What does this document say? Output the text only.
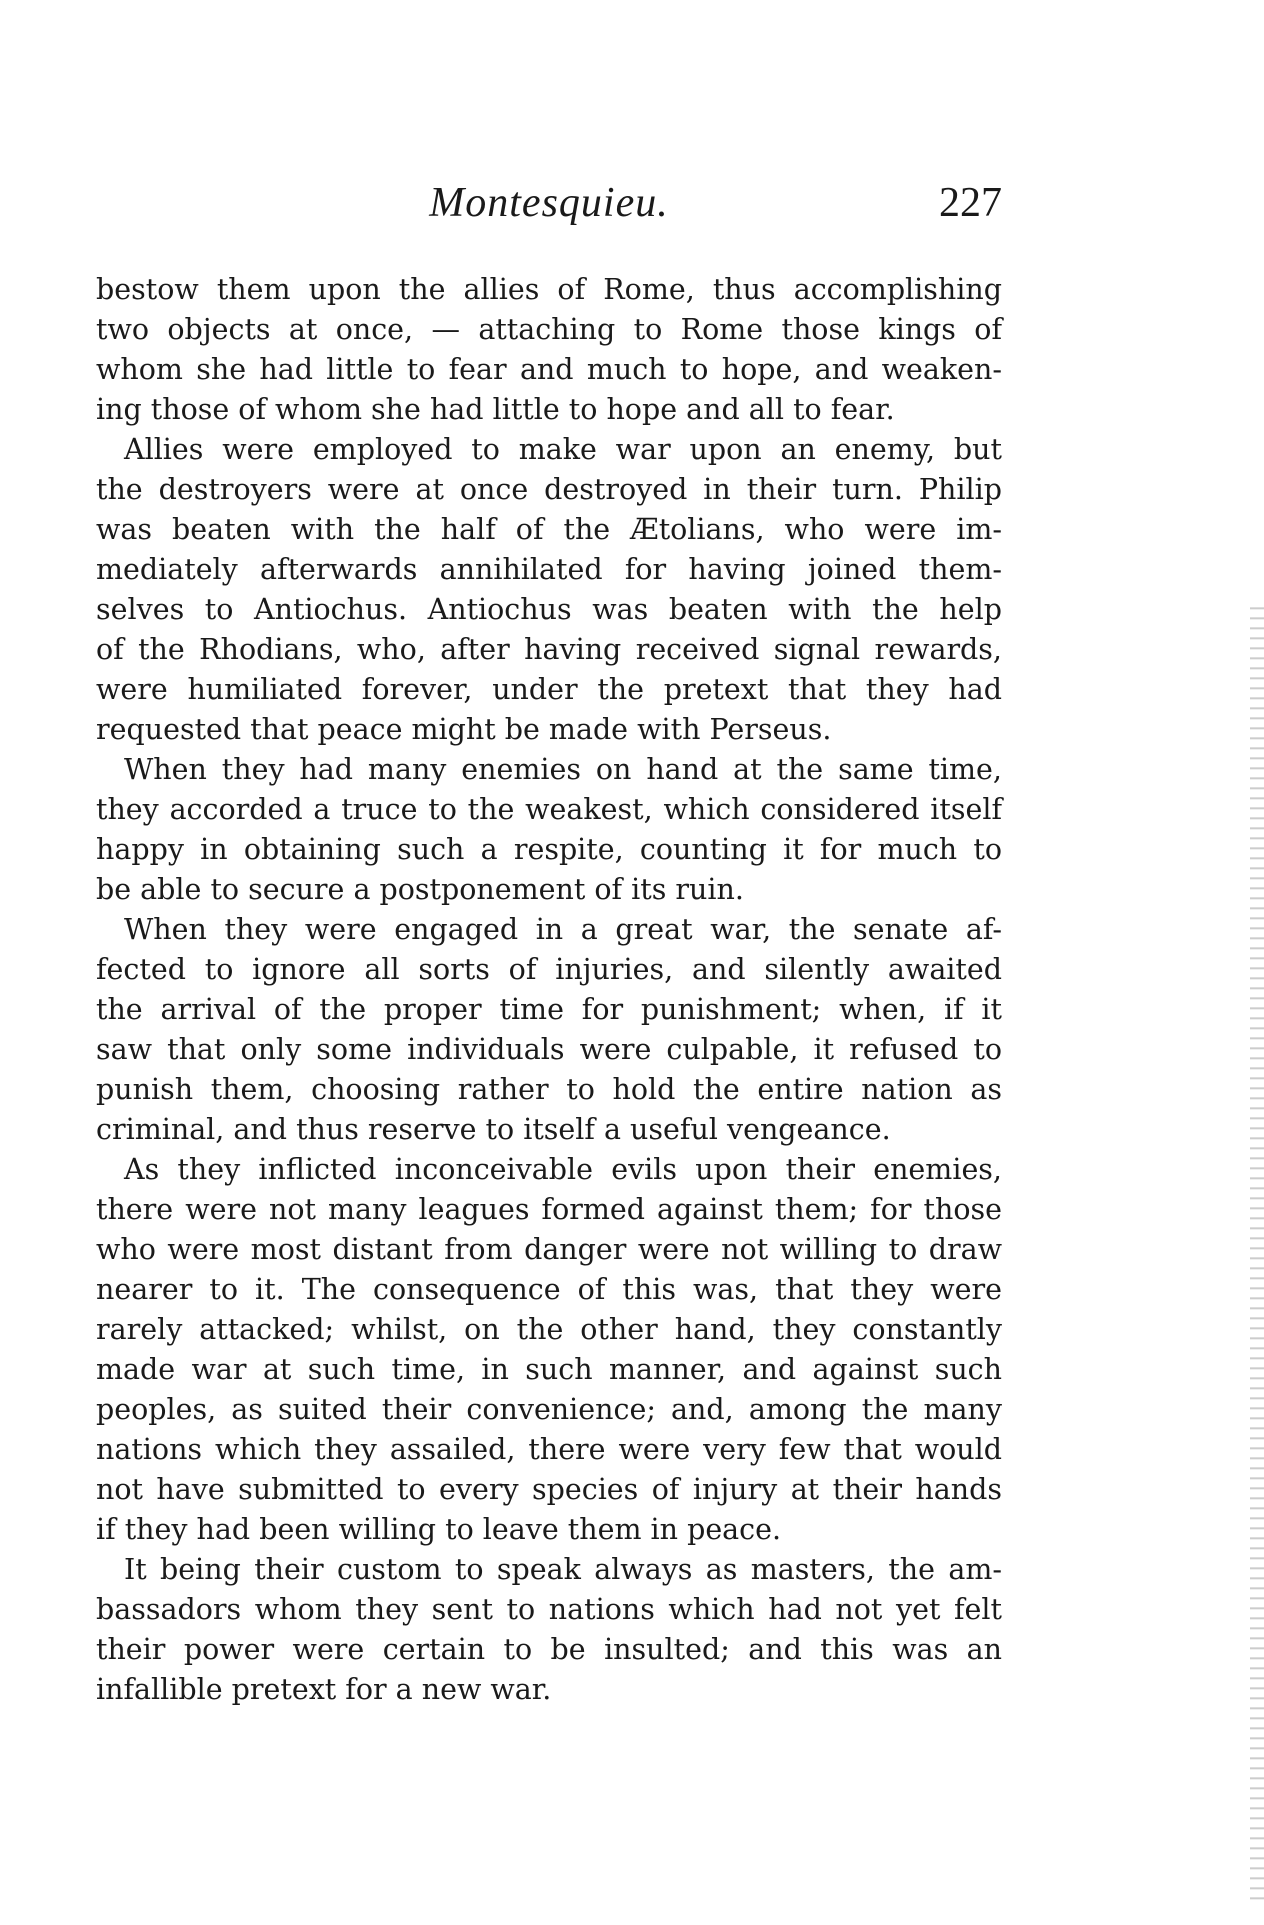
Montesquieu.	227
bestow them upon the allies of Rome, thus accomplishing
two objects at once, — attaching to Rome those kings of
whom she had little to fear and much to hope, and weaken-
ing those of whom she had little to hope and all to fear.
Allies were employed to make war upon an enemy, but
the destroyers were at once destroyed in their turn. Philip
was beaten with the half of the Ætolians, who were im-
mediately afterwards annihilated for having joined them-
selves to Antiochus. Antiochus was beaten with the help
of the Rhodians, who, after having received signal rewards,
were humiliated forever, under the pretext that they had
requested that peace might be made with Perseus.
When they had many enemies on hand at the same time,
they accorded a truce to the weakest, which considered itself
happy in obtaining such a respite, counting it for much to
be able to secure a postponement of its ruin.
When they were engaged in a great war, the senate af-
fected to ignore all sorts of injuries, and silently awaited
the arrival of the proper time for punishment; when, if it
saw that only some individuals were culpable, it refused to
punish them, choosing rather to hold the entire nation as
criminal, and thus reserve to itself a useful vengeance.
As they inflicted inconceivable evils upon their enemies,
there were not many leagues formed against them; for those
who were most distant from danger were not willing to draw
nearer to it. The consequence of this was, that they were
rarely attacked; whilst, on the other hand, they constantly
made war at such time, in such manner, and against such
peoples, as suited their convenience; and, among the many
nations which they assailed, there were very few that would
not have submitted to every species of injury at their hands
if they had been willing to leave them in peace.
It being their custom to speak always as masters, the am-
bassadors whom they sent to nations which had not yet felt
their power were certain to be insulted; and this was an
infallible pretext for a new war.
